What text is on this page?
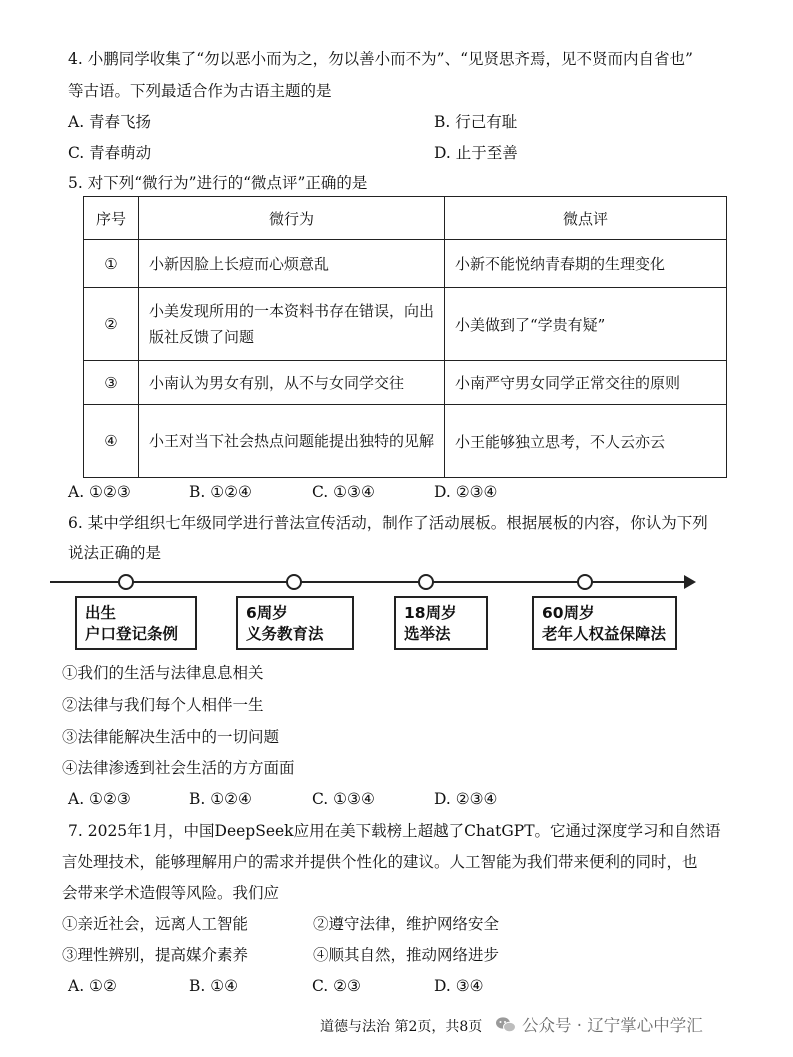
4. 小鹏同学收集了“勿以恶小而为之，勿以善小而不为”、“见贤思齐焉，见不贤而内自省也”
等古语。下列最适合作为古语主题的是
A. 青春飞扬	B. 行己有耻
C. 青春萌动	D. 止于至善
5. 对下列“微行为”进行的“微点评”正确的是
序号	微行为	微点评
①	小新因脸上长痘而心烦意乱	小新不能悦纳青春期的生理变化
②	小美发现所用的一本资料书存在错误，向出版社反馈了问题	小美做到了“学贵有疑”
③	小南认为男女有别，从不与女同学交往	小南严守男女同学正常交往的原则
④	小王对当下社会热点问题能提出独特的见解	小王能够独立思考，不人云亦云
A. ①②③	B. ①②④	C. ①③④	D. ②③④
6. 某中学组织七年级同学进行普法宣传活动，制作了活动展板。根据展板的内容，你认为下列
说法正确的是
出生
户口登记条例
6周岁
义务教育法
18周岁
选举法
60周岁
老年人权益保障法
①我们的生活与法律息息相关
②法律与我们每个人相伴一生
③法律能解决生活中的一切问题
④法律渗透到社会生活的方方面面
A. ①②③	B. ①②④	C. ①③④	D. ②③④
7. 2025年1月，中国DeepSeek应用在美下载榜上超越了ChatGPT。它通过深度学习和自然语
言处理技术，能够理解用户的需求并提供个性化的建议。人工智能为我们带来便利的同时，也
会带来学术造假等风险。我们应
①亲近社会，远离人工智能	②遵守法律，维护网络安全
③理性辨别，提高媒介素养	④顺其自然，推动网络进步
A. ①②	B. ①④	C. ②③	D. ③④
道德与法治 第2页，共8页	公众号 · 辽宁掌心中学汇
